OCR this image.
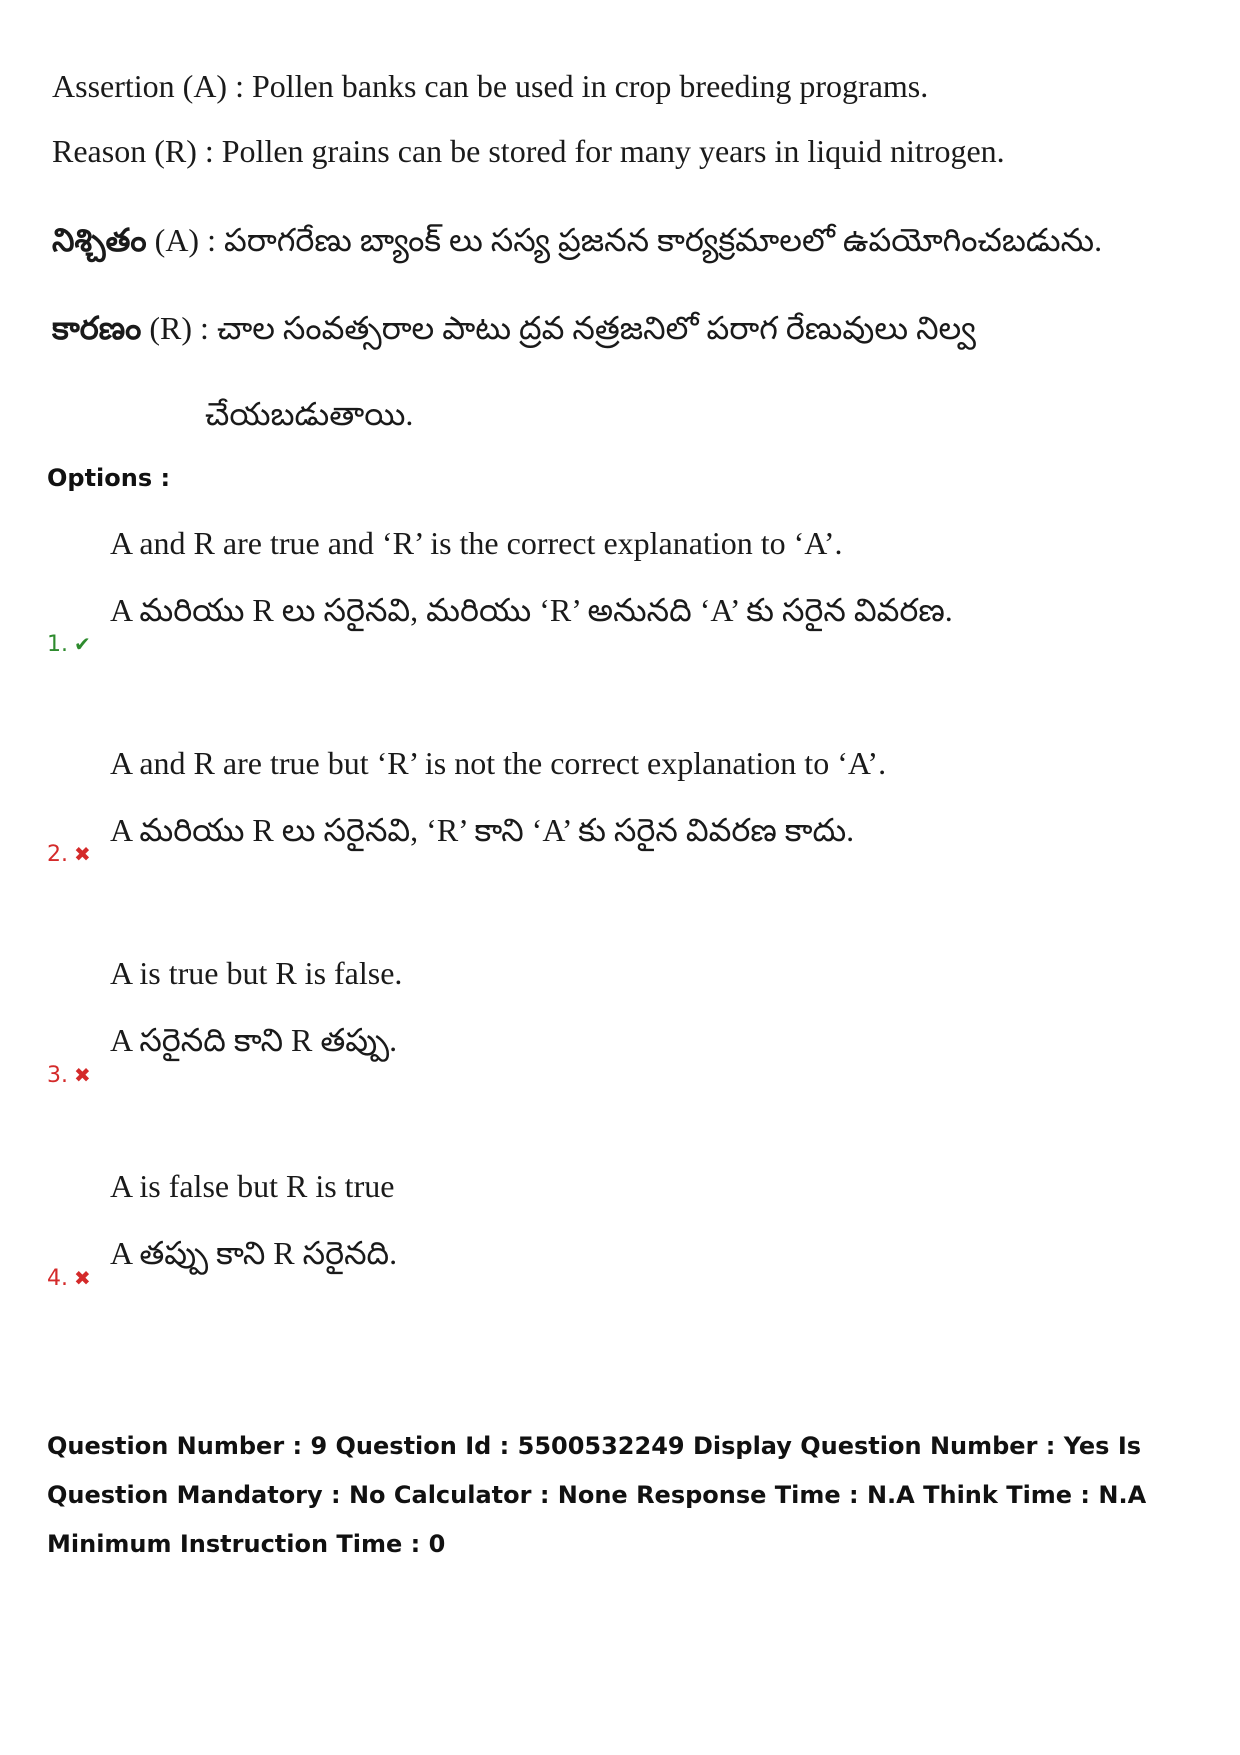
Assertion (A) : Pollen banks can be used in crop breeding programs.
Reason (R) : Pollen grains can be stored for many years in liquid nitrogen.
నిశ్చితం (A) : పరాగరేణు బ్యాంక్ లు సస్య ప్రజనన కార్యక్రమాలలో ఉపయోగించబడును.
కారణం (R) : చాల సంవత్సరాల పాటు ద్రవ నత్రజనిలో పరాగ రేణువులు నిల్వ
చేయబడుతాయి.
Options :
A and R are true and ‘R’ is the correct explanation to ‘A’.
A మరియు R లు సరైనవి, మరియు ‘R’ అనునది ‘A’ కు సరైన వివరణ.
1. ✔
A and R are true but ‘R’ is not the correct explanation to ‘A’.
A మరియు R లు సరైనవి, ‘R’ కాని ‘A’ కు సరైన వివరణ కాదు.
2. ✖
A is true but R is false.
A సరైనది కాని R తప్పు.
3. ✖
A is false but R is true
A తప్పు కాని R సరైనది.
4. ✖
Question Number : 9 Question Id : 5500532249 Display Question Number : Yes Is Question Mandatory : No Calculator : None Response Time : N.A Think Time : N.A Minimum Instruction Time : 0
